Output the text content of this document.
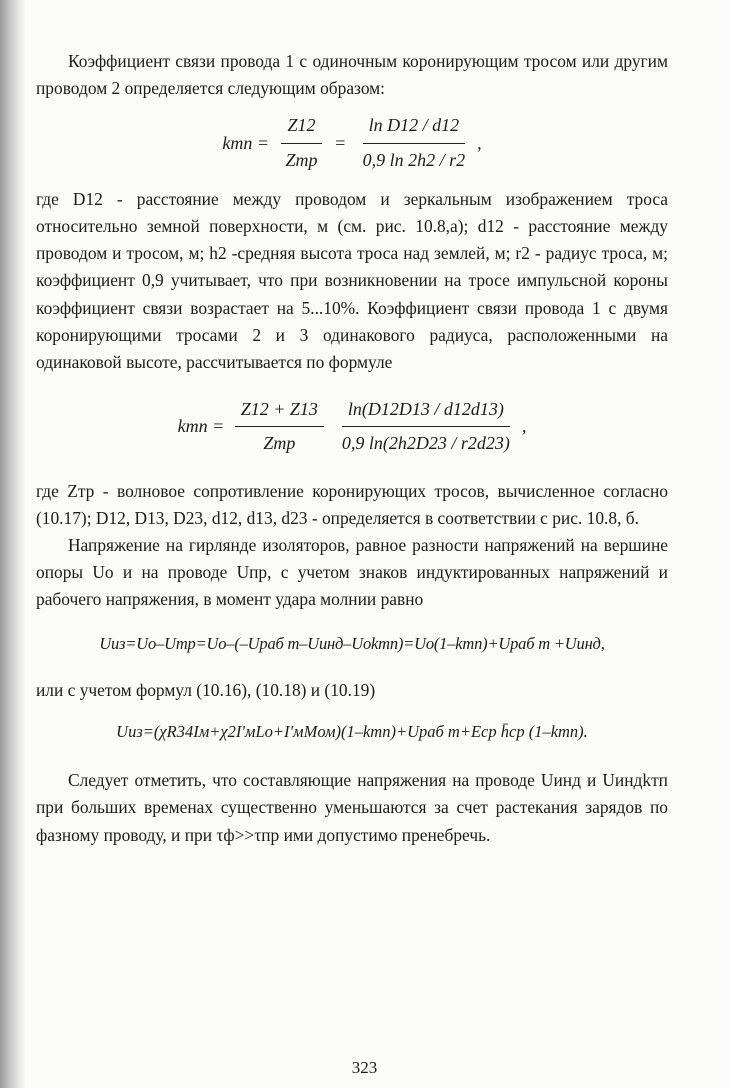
Коэффициент связи провода 1 с одиночным коронирующим тросом или другим проводом 2 определяется следующим образом:

kтп = $\frac{Z12}{\text{Zтр}} = \frac{\text{ln D12 / d12}}{0,9 \ln 2h2 / r2}$ ,

где D12 - расстояние между проводом и зеркальным изображением троса относительно земной поверхности, м (см. рис. 10.8,а); d12 - расстояние между проводом и тросом, м; h2 -средняя высота троса над землей, м; r2 - радиус троса, м; коэффициент 0,9 учитывает, что при возникновении на тросе импульсной короны коэффициент связи возрастает на 5...10%. Коэффициент связи провода 1 с двумя коронирующими тросами 2 и 3 одинакового радиуса, расположенными на одинаковой высоте, рассчитывается по формуле

kтп = $\frac{Z12 + Z13}{\text{Zтр}} \frac{\ln(D12D13 / d12d13)}{0,9 \ln(2h2D23 / r2d23)}$ ,

где Zтр - волновое сопротивление коронирующих тросов, вычисленное согласно (10.17); D12, D13, D23, d12, d13, d23 - определяется в соответствии с рис. 10.8, б.

Напряжение на гирлянде изоляторов, равное разности напряжений на вершине опоры Uо и на проводе Uпр, с учетом знаков индуктированных напряжений и рабочего напряжения, в момент удара молнии равно

Uиз=Uо–Uтр=Uо–(–Uраб т–Uинд–Uоkтп)=Uо(1–kтп)+Uраб т +Uинд,

или с учетом формул (10.16), (10.18) и (10.19)

Uиз=(χR34Iм+χ2I'мLо+I'мMом)(1–kтп)+Uраб т+Eср h̄ср (1–kтп).

Следует отметить, что составляющие напряжения на проводе Uинд и Uиндkтп при больших временах существенно уменьшаются за счет растекания зарядов по фазному проводу, и при τф>>τпр ими допустимо пренебречь.

323
